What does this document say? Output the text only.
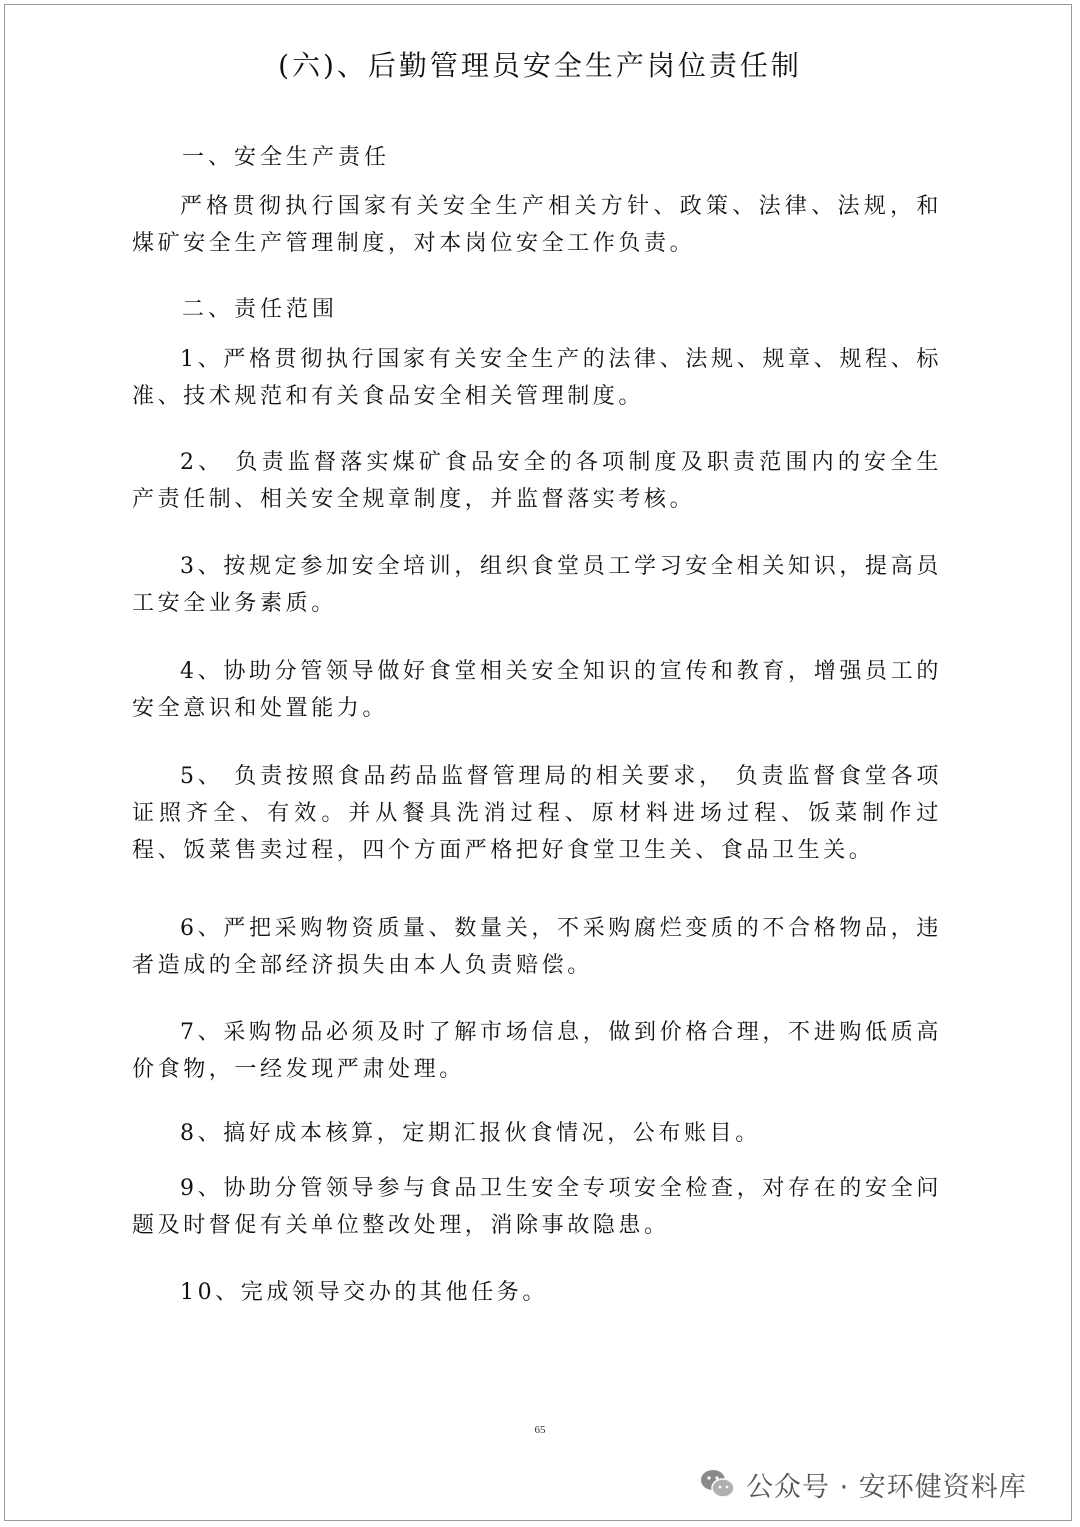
(六)、后勤管理员安全生产岗位责任制
一、安全生产责任

严格贯彻执行国家有关安全生产相关方针、政策、法律、法规，和煤矿安全生产管理制度，对本岗位安全工作负责。

二、责任范围

1、严格贯彻执行国家有关安全生产的法律、法规、规章、规程、标准、技术规范和有关食品安全相关管理制度。

2、 负责监督落实煤矿食品安全的各项制度及职责范围内的安全生产责任制、相关安全规章制度，并监督落实考核。

3、按规定参加安全培训，组织食堂员工学习安全相关知识，提高员工安全业务素质。

4、协助分管领导做好食堂相关安全知识的宣传和教育，增强员工的安全意识和处置能力。

5、 负责按照食品药品监督管理局的相关要求， 负责监督食堂各项证照齐全、有效。并从餐具洗消过程、原材料进场过程、饭菜制作过程、饭菜售卖过程，四个方面严格把好食堂卫生关、食品卫生关。

6、严把采购物资质量、数量关，不采购腐烂变质的不合格物品，违者造成的全部经济损失由本人负责赔偿。

7、采购物品必须及时了解市场信息，做到价格合理，不进购低质高价食物，一经发现严肃处理。

8、搞好成本核算，定期汇报伙食情况，公布账目。

9、协助分管领导参与食品卫生安全专项安全检查，对存在的安全问题及时督促有关单位整改处理，消除事故隐患。

10、完成领导交办的其他任务。

65
公众号 · 安环健资料库
